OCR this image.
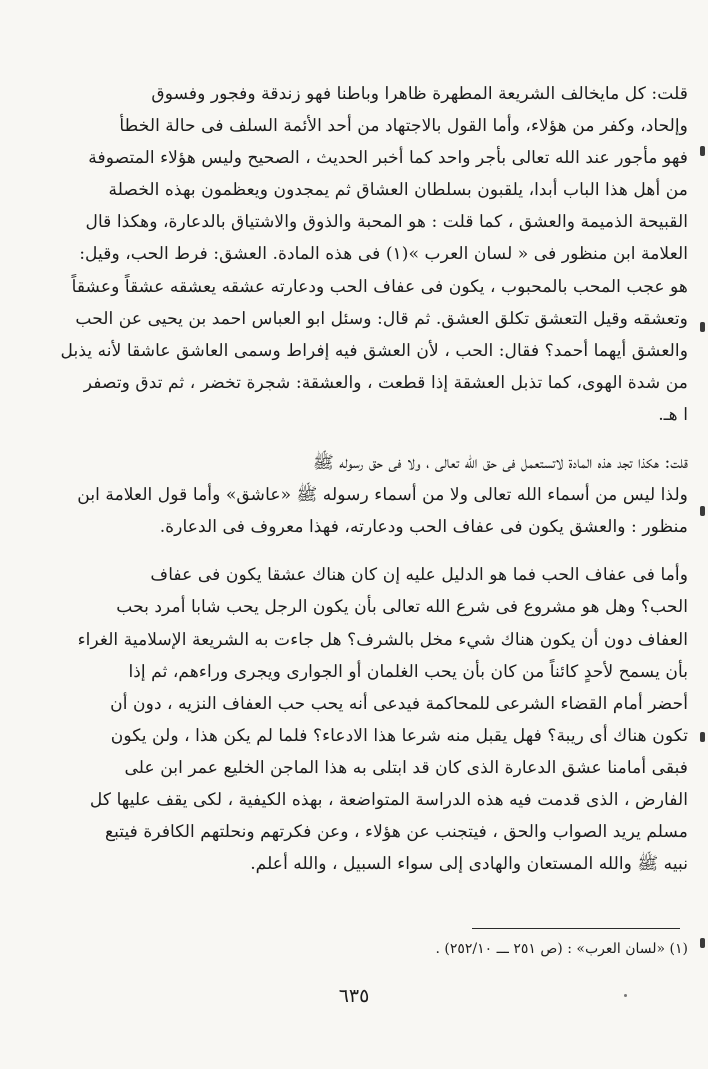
قلت: كل مايخالف الشريعة المطهرة ظاهرا وباطنا فهو زندقة وفجور وفسوق
وإلحاد، وكفر من هؤلاء، وأما القول بالاجتهاد من أحد الأئمة السلف فى حالة الخطأ
فهو مأجور عند الله تعالى بأجر واحد كما أخبر الحديث ، الصحيح وليس هؤلاء المتصوفة
من أهل هذا الباب أبدا، يلقبون بسلطان العشاق ثم يمجدون ويعظمون بهذه الخصلة
القبيحة الذميمة والعشق ، كما قلت : هو المحبة والذوق والاشتياق بالدعارة، وهكذا قال
العلامة ابن منظور فى « لسان العرب »(١) فى هذه المادة. العشق: فرط الحب، وقيل:
هو عجب المحب بالمحبوب ، يكون فى عفاف الحب ودعارته عشقه يعشقه عشقاً وعشقاً
وتعشقه وقيل التعشق تكلق العشق. ثم قال: وسئل ابو العباس احمد بن يحيى عن الحب
والعشق أيهما أحمد؟ فقال: الحب ، لأن العشق فيه إفراط وسمى العاشق عاشقا لأنه يذبل
من شدة الهوى، كما تذبل العشقة إذا قطعت ، والعشقة: شجرة تخضر ، ثم تدق وتصفر
ا هـ.
قلت: هكذا تجد هذه المادة لاتستعمل فى حق الله تعالى ، ولا فى حق رسوله ﷺ
ولذا ليس من أسماء الله تعالى ولا من أسماء رسوله ﷺ «عاشق» وأما قول العلامة ابن
منظور : والعشق يكون فى عفاف الحب ودعارته، فهذا معروف فى الدعارة.
وأما فى عفاف الحب فما هو الدليل عليه إن كان هناك عشقا يكون فى عفاف
الحب؟ وهل هو مشروع فى شرع الله تعالى بأن يكون الرجل يحب شابا أمرد بحب
العفاف دون أن يكون هناك شيء مخل بالشرف؟ هل جاءت به الشريعة الإسلامية الغراء
بأن يسمح لأحدٍ كائناً من كان بأن يحب الغلمان أو الجوارى ويجرى وراءهم، ثم إذا
أحضر أمام القضاء الشرعى للمحاكمة فيدعى أنه يحب حب العفاف النزيه ، دون أن
تكون هناك أى ريبة؟ فهل يقبل منه شرعا هذا الادعاء؟ فلما لم يكن هذا ، ولن يكون
فبقى أمامنا عشق الدعارة الذى كان قد ابتلى به هذا الماجن الخليع عمر ابن على
الفارض ، الذى قدمت فيه هذه الدراسة المتواضعة ، بهذه الكيفية ، لكى يقف عليها كل
مسلم يريد الصواب والحق ، فيتجنب عن هؤلاء ، وعن فكرتهم ونحلتهم الكافرة فيتبع
نبيه ﷺ والله المستعان والهادى إلى سواء السبيل ، والله أعلم.
(١) «لسان العرب» : (ص ٢٥١ ـــ ٢٥٢/١٠) .
٦٣٥
